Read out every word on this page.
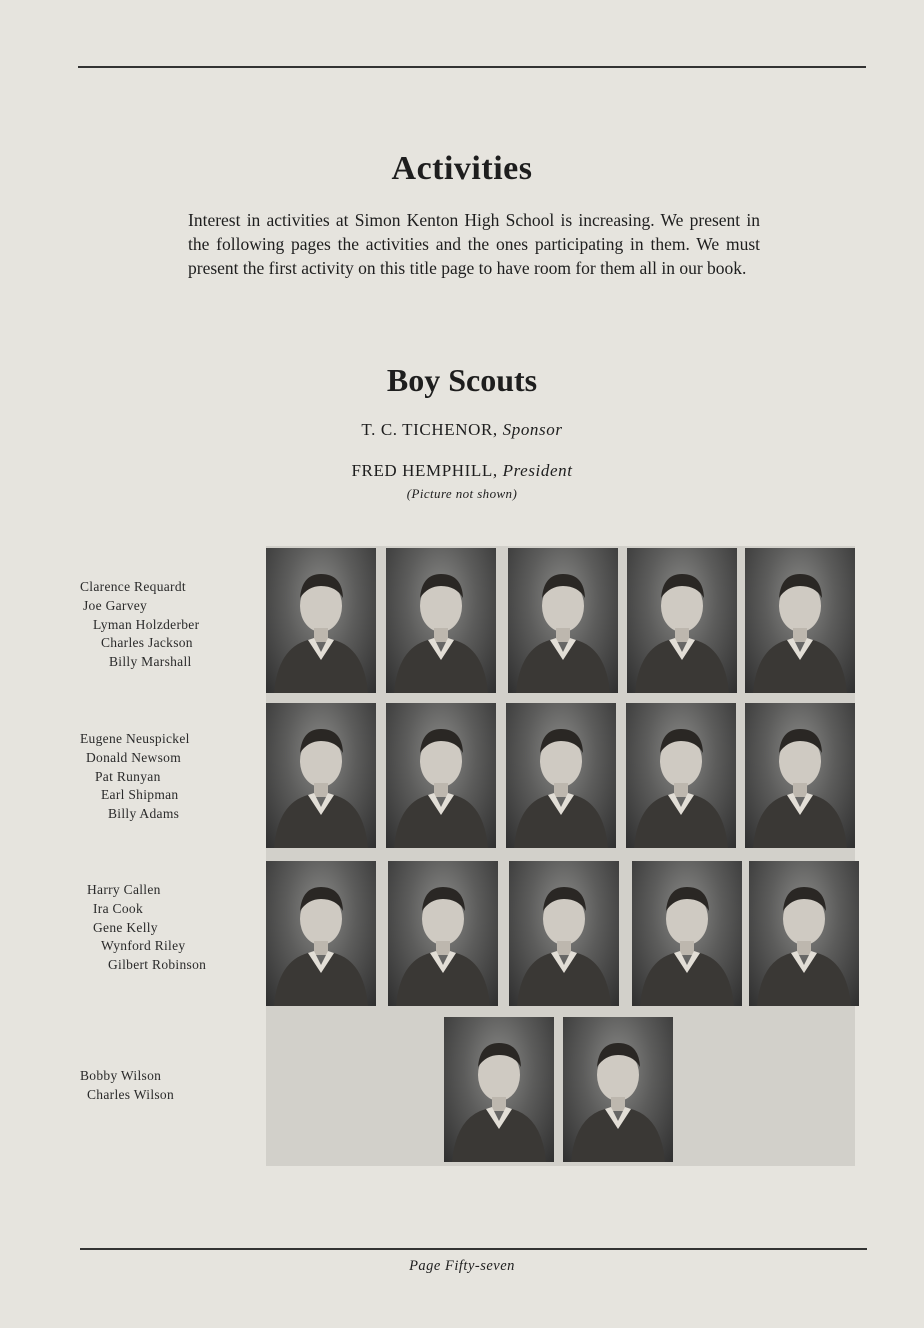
Activities

Interest in activities at Simon Kenton High School is increasing. We present in the following pages the activities and the ones participating in them. We must present the first activity on this title page to have room for them all in our book.

Boy Scouts
T. C. TICHENOR, Sponsor
FRED HEMPHILL, President
(Picture not shown)
Clarence Requardt
Joe Garvey
Lyman Holzderber
Charles Jackson
Billy Marshall
Eugene Neuspickel
Donald Newsom
Pat Runyan
Earl Shipman
Billy Adams
Harry Callen
Ira Cook
Gene Kelly
Wynford Riley
Gilbert Robinson
Bobby Wilson
Charles Wilson
Page Fifty-seven
